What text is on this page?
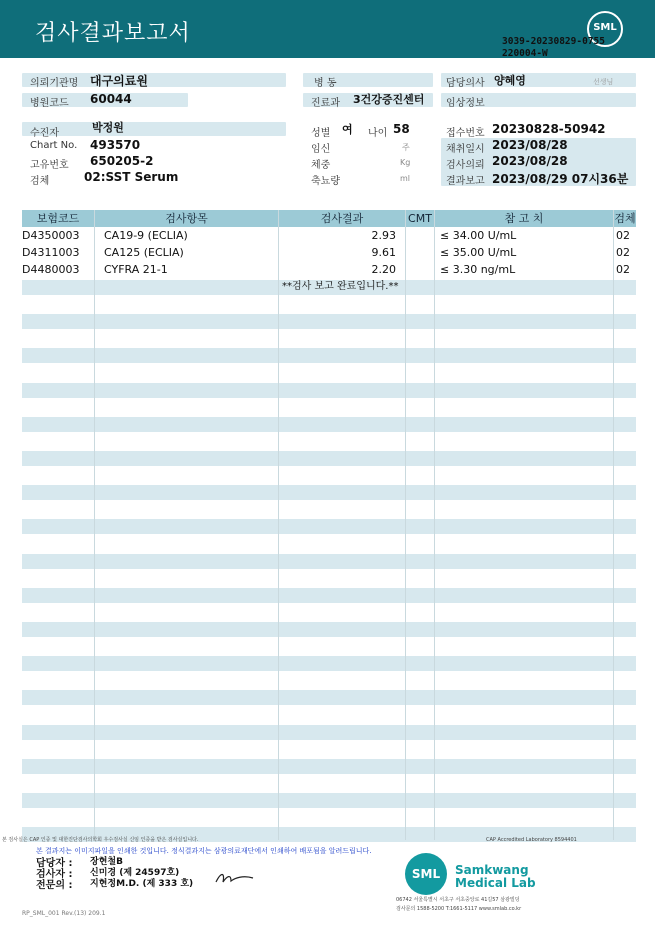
검사결과보고서	SML
3039-20230829-0755
220004-W
의뢰기관명 대구의료원
병원코드 60044
병 동
진료과 3건강증진센터
담당의사 양혜영	선생님
임상정보
수진자	박정원
Chart No. 493570
고유번호 650205-2
검체	02:SST Serum
성별 여 나이 58
임신	주
체중	Kg
축뇨량	ml
접수번호 20230828-50942
채취일시 2023/08/28
검사의뢰 2023/08/28
결과보고 2023/08/29 07시36분
보험코드	검사항목	검사결과	CMT	참 고 치	검체
D4350003 CA19-9 (ECLIA)	2.93	≤ 34.00 U/mL	02
D4311003 CA125 (ECLIA)	9.61	≤ 35.00 U/mL	02
D4480003 CYFRA 21-1	2.20	≤ 3.30 ng/mL	02
**검사 보고 완료입니다.**
본 검사실은 CAP 인증 및 대한진단검사의학회 우수검사실 신임 인증을 받은 검사실입니다.	CAP Accredited Laboratory 8594401
본 결과지는 이미지파일을 인쇄한 것입니다. 정식결과지는 삼광의료재단에서 인쇄하여 배포됨을 알려드립니다.
담당자 : 장현철B
검사자 : 신미경 (제 24597호)
전문의 : 지현정M.D. (제 333 호)
SML	Samkwang
Medical Lab
06742 서울특별시 서초구 서초중앙로 41길57 삼광빌딩
검사문의 1588-5200 T:1661-5117 www.smlab.co.kr
RP_SML_001 Rev.(13) 209.1
